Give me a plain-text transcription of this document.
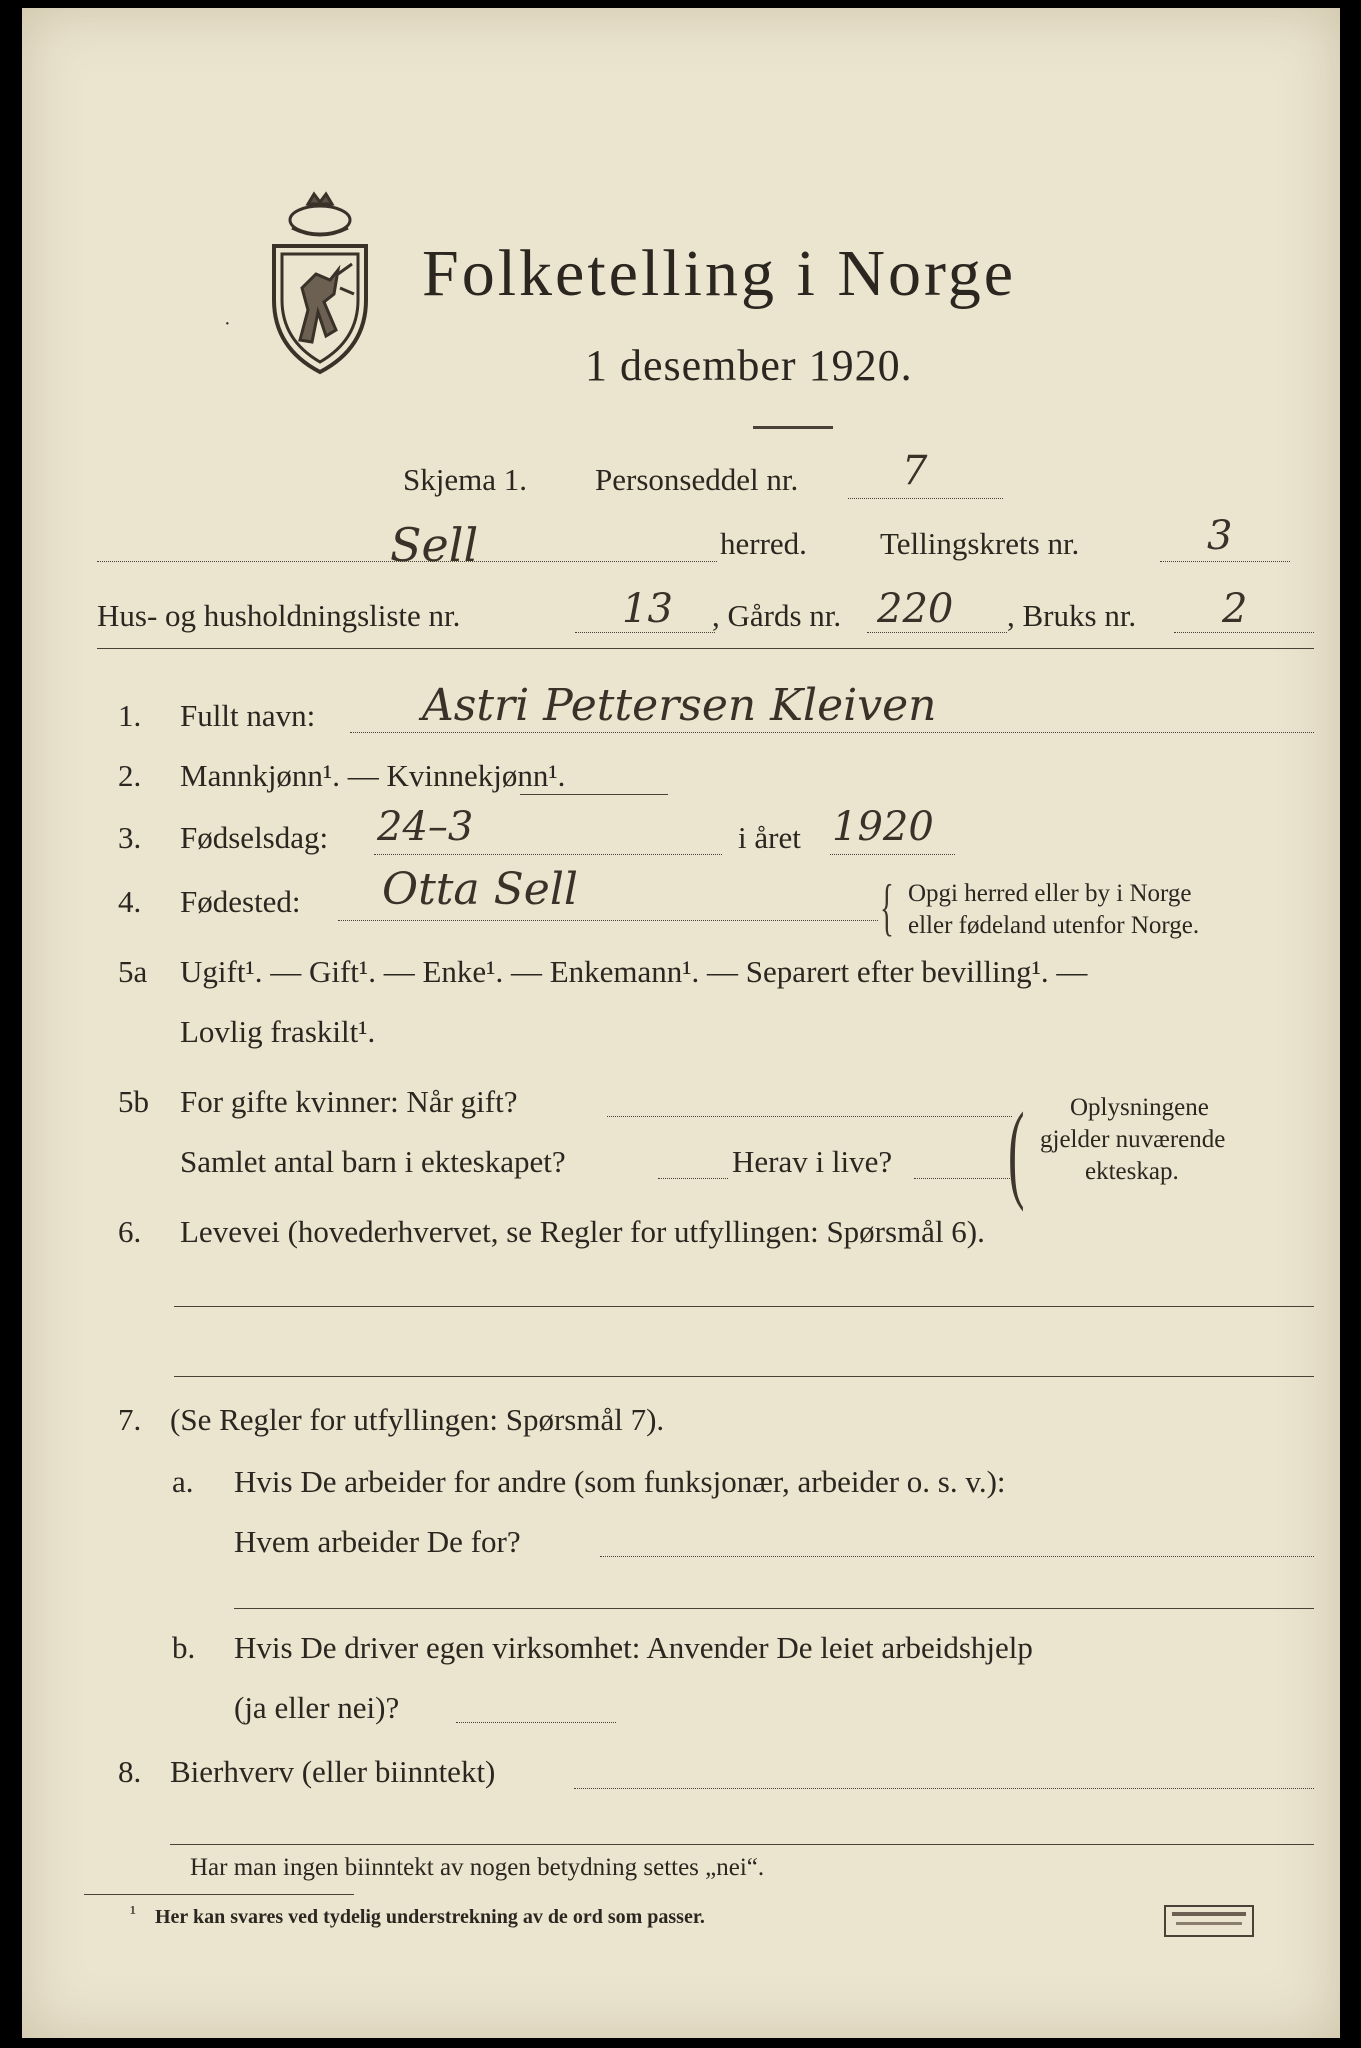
·
Folketelling i Norge
1 desember 1920.
Skjema 1. Personseddel nr.	7
Sell	herred. Tellingskrets nr.	3
Hus- og husholdningsliste nr.	13 , Gårds nr. 220 , Bruks nr. 2
1. Fullt navn: Astri Pettersen Kleiven
2. Mannkjønn¹. — Kvinnekjønn¹.
3. Fødselsdag: 24–3	i året 1920
4. Fødested: Otta Sell	{ Opgi herred eller by i Norge
eller fødeland utenfor Norge.
5a Ugift¹. — Gift¹. — Enke¹. — Enkemann¹. — Separert efter bevilling¹. —
Lovlig fraskilt¹.
5b For gifte kvinner: Når gift?
Samlet antal barn i ekteskapet?	Herav i live? ( Oplysningene
gjelder nuværende
ekteskap.
6. Levevei (hovederhvervet, se Regler for utfyllingen: Spørsmål 6).
7. (Se Regler for utfyllingen: Spørsmål 7).
a. Hvis De arbeider for andre (som funksjonær, arbeider o. s. v.):
Hvem arbeider De for?
b. Hvis De driver egen virksomhet: Anvender De leiet arbeidshjelp
(ja eller nei)?
8. Bierhverv (eller biinntekt)
Har man ingen biinntekt av nogen betydning settes „nei“.
¹ Her kan svares ved tydelig understrekning av de ord som passer.
